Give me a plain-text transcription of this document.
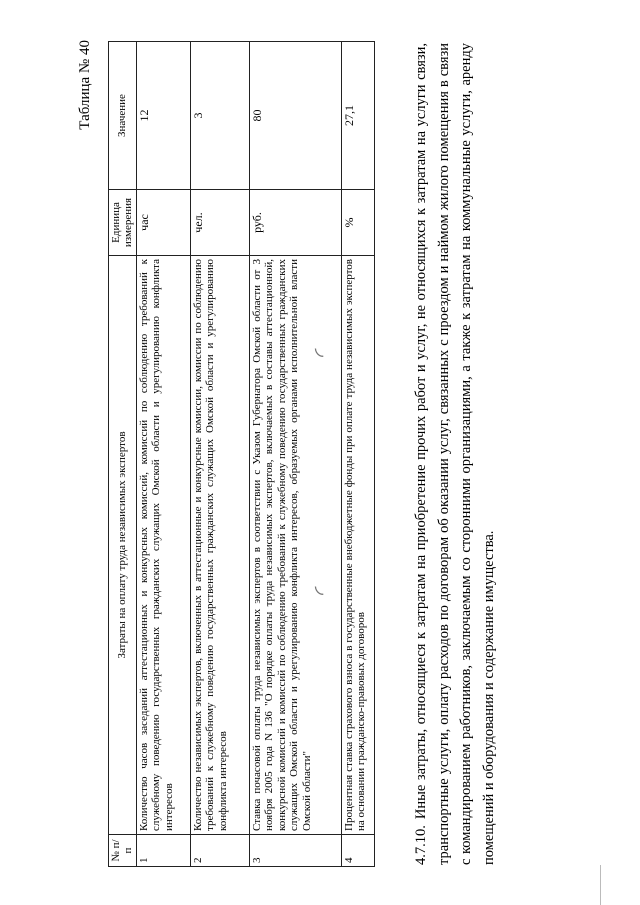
Таблица № 40
№ п/п	Затраты на оплату труда независимых экспертов	Единица измерения	Значение
1	Количество часов заседаний аттестационных и конкурсных комиссий, комиссий по соблюдению требований к служебному поведению государственных гражданских служащих Омской области и урегулированию конфликта интересов	час	12
2	Количество независимых экспертов, включенных в аттестационные и конкурсные комиссии, комиссии по соблюдению требований к служебному поведению государственных гражданских служащих Омской области и урегулированию конфликта интересов	чел.	3
3	Ставка почасовой оплаты труда независимых экспертов в соответствии с Указом Губернатора Омской области от 3 ноября 2005 года N 136 "О порядке оплаты труда независимых экспертов, включаемых в составы аттестационной, конкурсной комиссий и комиссий по соблюдению требований к служебному поведению государственных гражданских служащих Омской области и урегулированию конфликта интересов, образуемых органами исполнительной власти Омской области"	руб.	80
4	Процентная ставка страхового взноса в государственные внебюджетные фонды при оплате труда независимых экспертов на основании гражданско-правовых договоров	%	27,1
4.7.10.Иные затраты, относящиеся к затратам на приобретение прочих работ и услуг, не относящихся к затратам на услуги связи, транспортные услуги, оплату расходов по договорам об оказании услуг, связанных с проездом и наймом жилого помещения в связи с командированием работников, заключаемым со сторонними организациями, а также к затратам на коммунальные услуги, аренду помещений и оборудования и содержание имущества.
◜
◜
